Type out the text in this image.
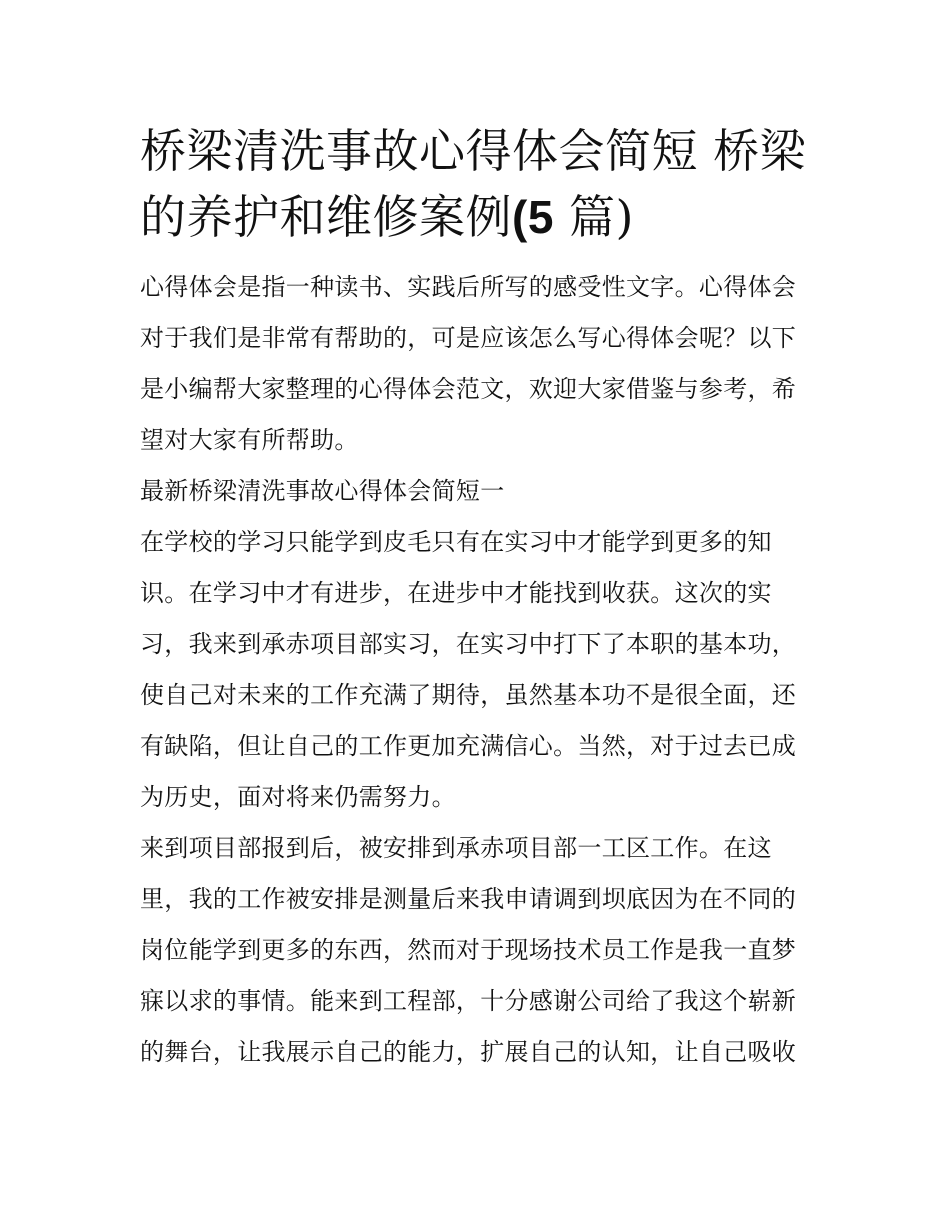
桥梁清洗事故心得体会简短 桥梁的养护和维修案例(5 篇)

心得体会是指一种读书、实践后所写的感受性文字。心得体会对于我们是非常有帮助的，可是应该怎么写心得体会呢？以下是小编帮大家整理的心得体会范文，欢迎大家借鉴与参考，希望对大家有所帮助。

最新桥梁清洗事故心得体会简短一

在学校的学习只能学到皮毛只有在实习中才能学到更多的知识。在学习中才有进步，在进步中才能找到收获。这次的实习，我来到承赤项目部实习，在实习中打下了本职的基本功，使自己对未来的工作充满了期待，虽然基本功不是很全面，还有缺陷，但让自己的工作更加充满信心。当然，对于过去已成为历史，面对将来仍需努力。

来到项目部报到后，被安排到承赤项目部一工区工作。在这里，我的工作被安排是测量后来我申请调到坝底因为在不同的岗位能学到更多的东西，然而对于现场技术员工作是我一直梦寐以求的事情。能来到工程部，十分感谢公司给了我这个崭新的舞台，让我展示自己的能力，扩展自己的认知，让自己吸收
